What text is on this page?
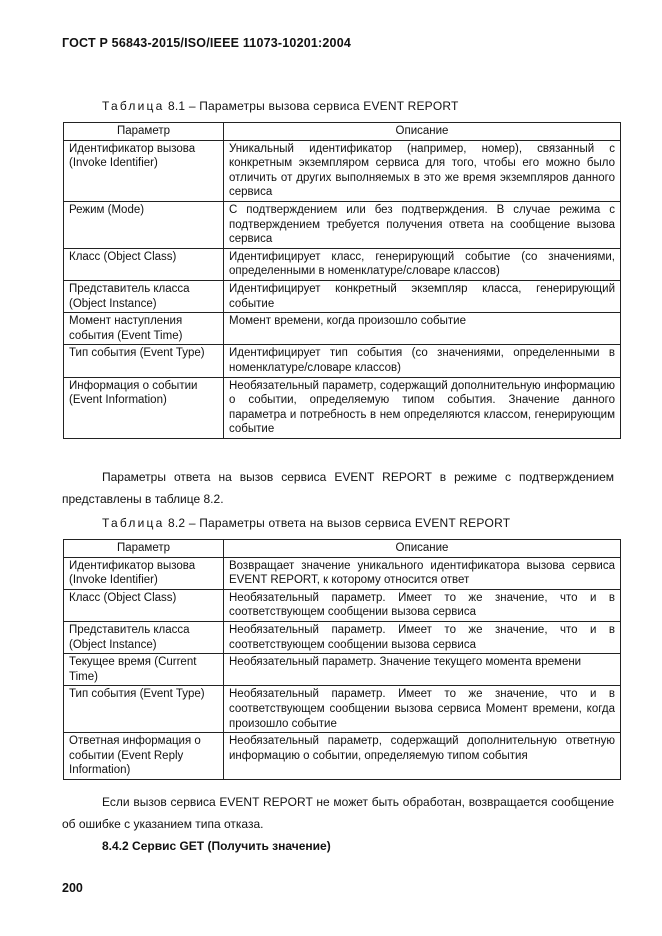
ГОСТ Р 56843-2015/ISO/IEEE 11073-10201:2004
Таблица 8.1 – Параметры вызова сервиса EVENT REPORT
Параметр	Описание
Идентификатор вызова (Invoke Identifier)	Уникальный идентификатор (например, номер), связанный с конкретным экземпляром сервиса для того, чтобы его можно было отличить от других выполняемых в это же время экземпляров данного сервиса
Режим (Mode)	С подтверждением или без подтверждения. В случае режима с подтверждением требуется получения ответа на сообщение вызова сервиса
Класс (Object Class)	Идентифицирует класс, генерирующий событие (со значениями, определенными в номенклатуре/словаре классов)
Представитель класса (Object Instance)	Идентифицирует конкретный экземпляр класса, генерирующий событие
Момент наступления события (Event Time)	Момент времени, когда произошло событие
Тип события (Event Type)	Идентифицирует тип события (со значениями, определенными в номенклатуре/словаре классов)
Информация о событии (Event Information)	Необязательный параметр, содержащий дополнительную информацию о событии, определяемую типом события. Значение данного параметра и потребность в нем определяются классом, генерирующим событие
Параметры ответа на вызов сервиса EVENT REPORT в режиме с подтверждением представлены в таблице 8.2.
Таблица 8.2 – Параметры ответа на вызов сервиса EVENT REPORT
Параметр	Описание
Идентификатор вызова (Invoke Identifier)	Возвращает значение уникального идентификатора вызова сервиса EVENT REPORT, к которому относится ответ
Класс (Object Class)	Необязательный параметр. Имеет то же значение, что и в соответствующем сообщении вызова сервиса
Представитель класса (Object Instance)	Необязательный параметр. Имеет то же значение, что и в соответствующем сообщении вызова сервиса
Текущее время (Current Time)	Необязательный параметр. Значение текущего момента времени
Тип события (Event Type)	Необязательный параметр. Имеет то же значение, что и в соответствующем сообщении вызова сервиса Момент времени, когда произошло событие
Ответная информация о событии (Event Reply Information)	Необязательный параметр, содержащий дополнительную ответную информацию о событии, определяемую типом события
Если вызов сервиса EVENT REPORT не может быть обработан, возвращается сообщение об ошибке с указанием типа отказа.
8.4.2 Сервис GET (Получить значение)
200
